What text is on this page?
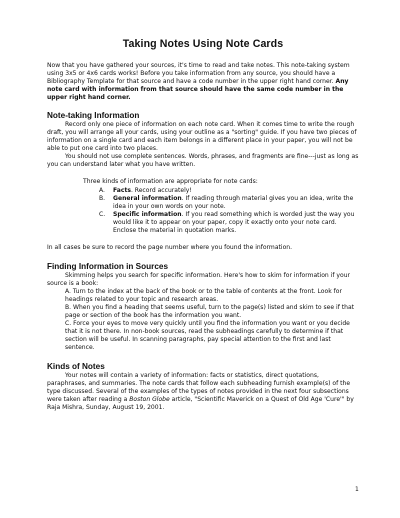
Taking Notes Using Note Cards

Now that you have gathered your sources, it's time to read and take notes. This note-taking system using 3x5 or 4x6 cards works! Before you take information from any source, you should have a Bibliography Template for that source and have a code number in the upper right hand corner. Any note card with information from that source should have the same code number in the upper right hand corner.

Note-taking Information

Record only one piece of information on each note card. When it comes time to write the rough draft, you will arrange all your cards, using your outline as a "sorting" guide. If you have two pieces of information on a single card and each item belongs in a different place in your paper, you will not be able to put one card into two places.

You should not use complete sentences. Words, phrases, and fragments are fine---just as long as you can understand later what you have written.

Three kinds of information are appropriate for note cards:

A. Facts. Record accurately!
B. General information. If reading through material gives you an idea, write the idea in your own words on your note.
C. Specific information. If you read something which is worded just the way you would like it to appear on your paper, copy it exactly onto your note card. Enclose the material in quotation marks.

In all cases be sure to record the page number where you found the information.

Finding Information in Sources

Skimming helps you search for specific information. Here's how to skim for information if your source is a book:

A. Turn to the index at the back of the book or to the table of contents at the front. Look for headings related to your topic and research areas.

B. When you find a heading that seems useful, turn to the page(s) listed and skim to see if that page or section of the book has the information you want.

C. Force your eyes to move very quickly until you find the information you want or you decide that it is not there. In non-book sources, read the subheadings carefully to determine if that section will be useful. In scanning paragraphs, pay special attention to the first and last sentence.

Kinds of Notes

Your notes will contain a variety of information: facts or statistics, direct quotations, paraphrases, and summaries. The note cards that follow each subheading furnish example(s) of the type discussed. Several of the examples of the types of notes provided in the next four subsections were taken after reading a Boston Globe article, "Scientific Maverick on a Quest of Old Age 'Cure'" by Raja Mishra, Sunday, August 19, 2001.

1
